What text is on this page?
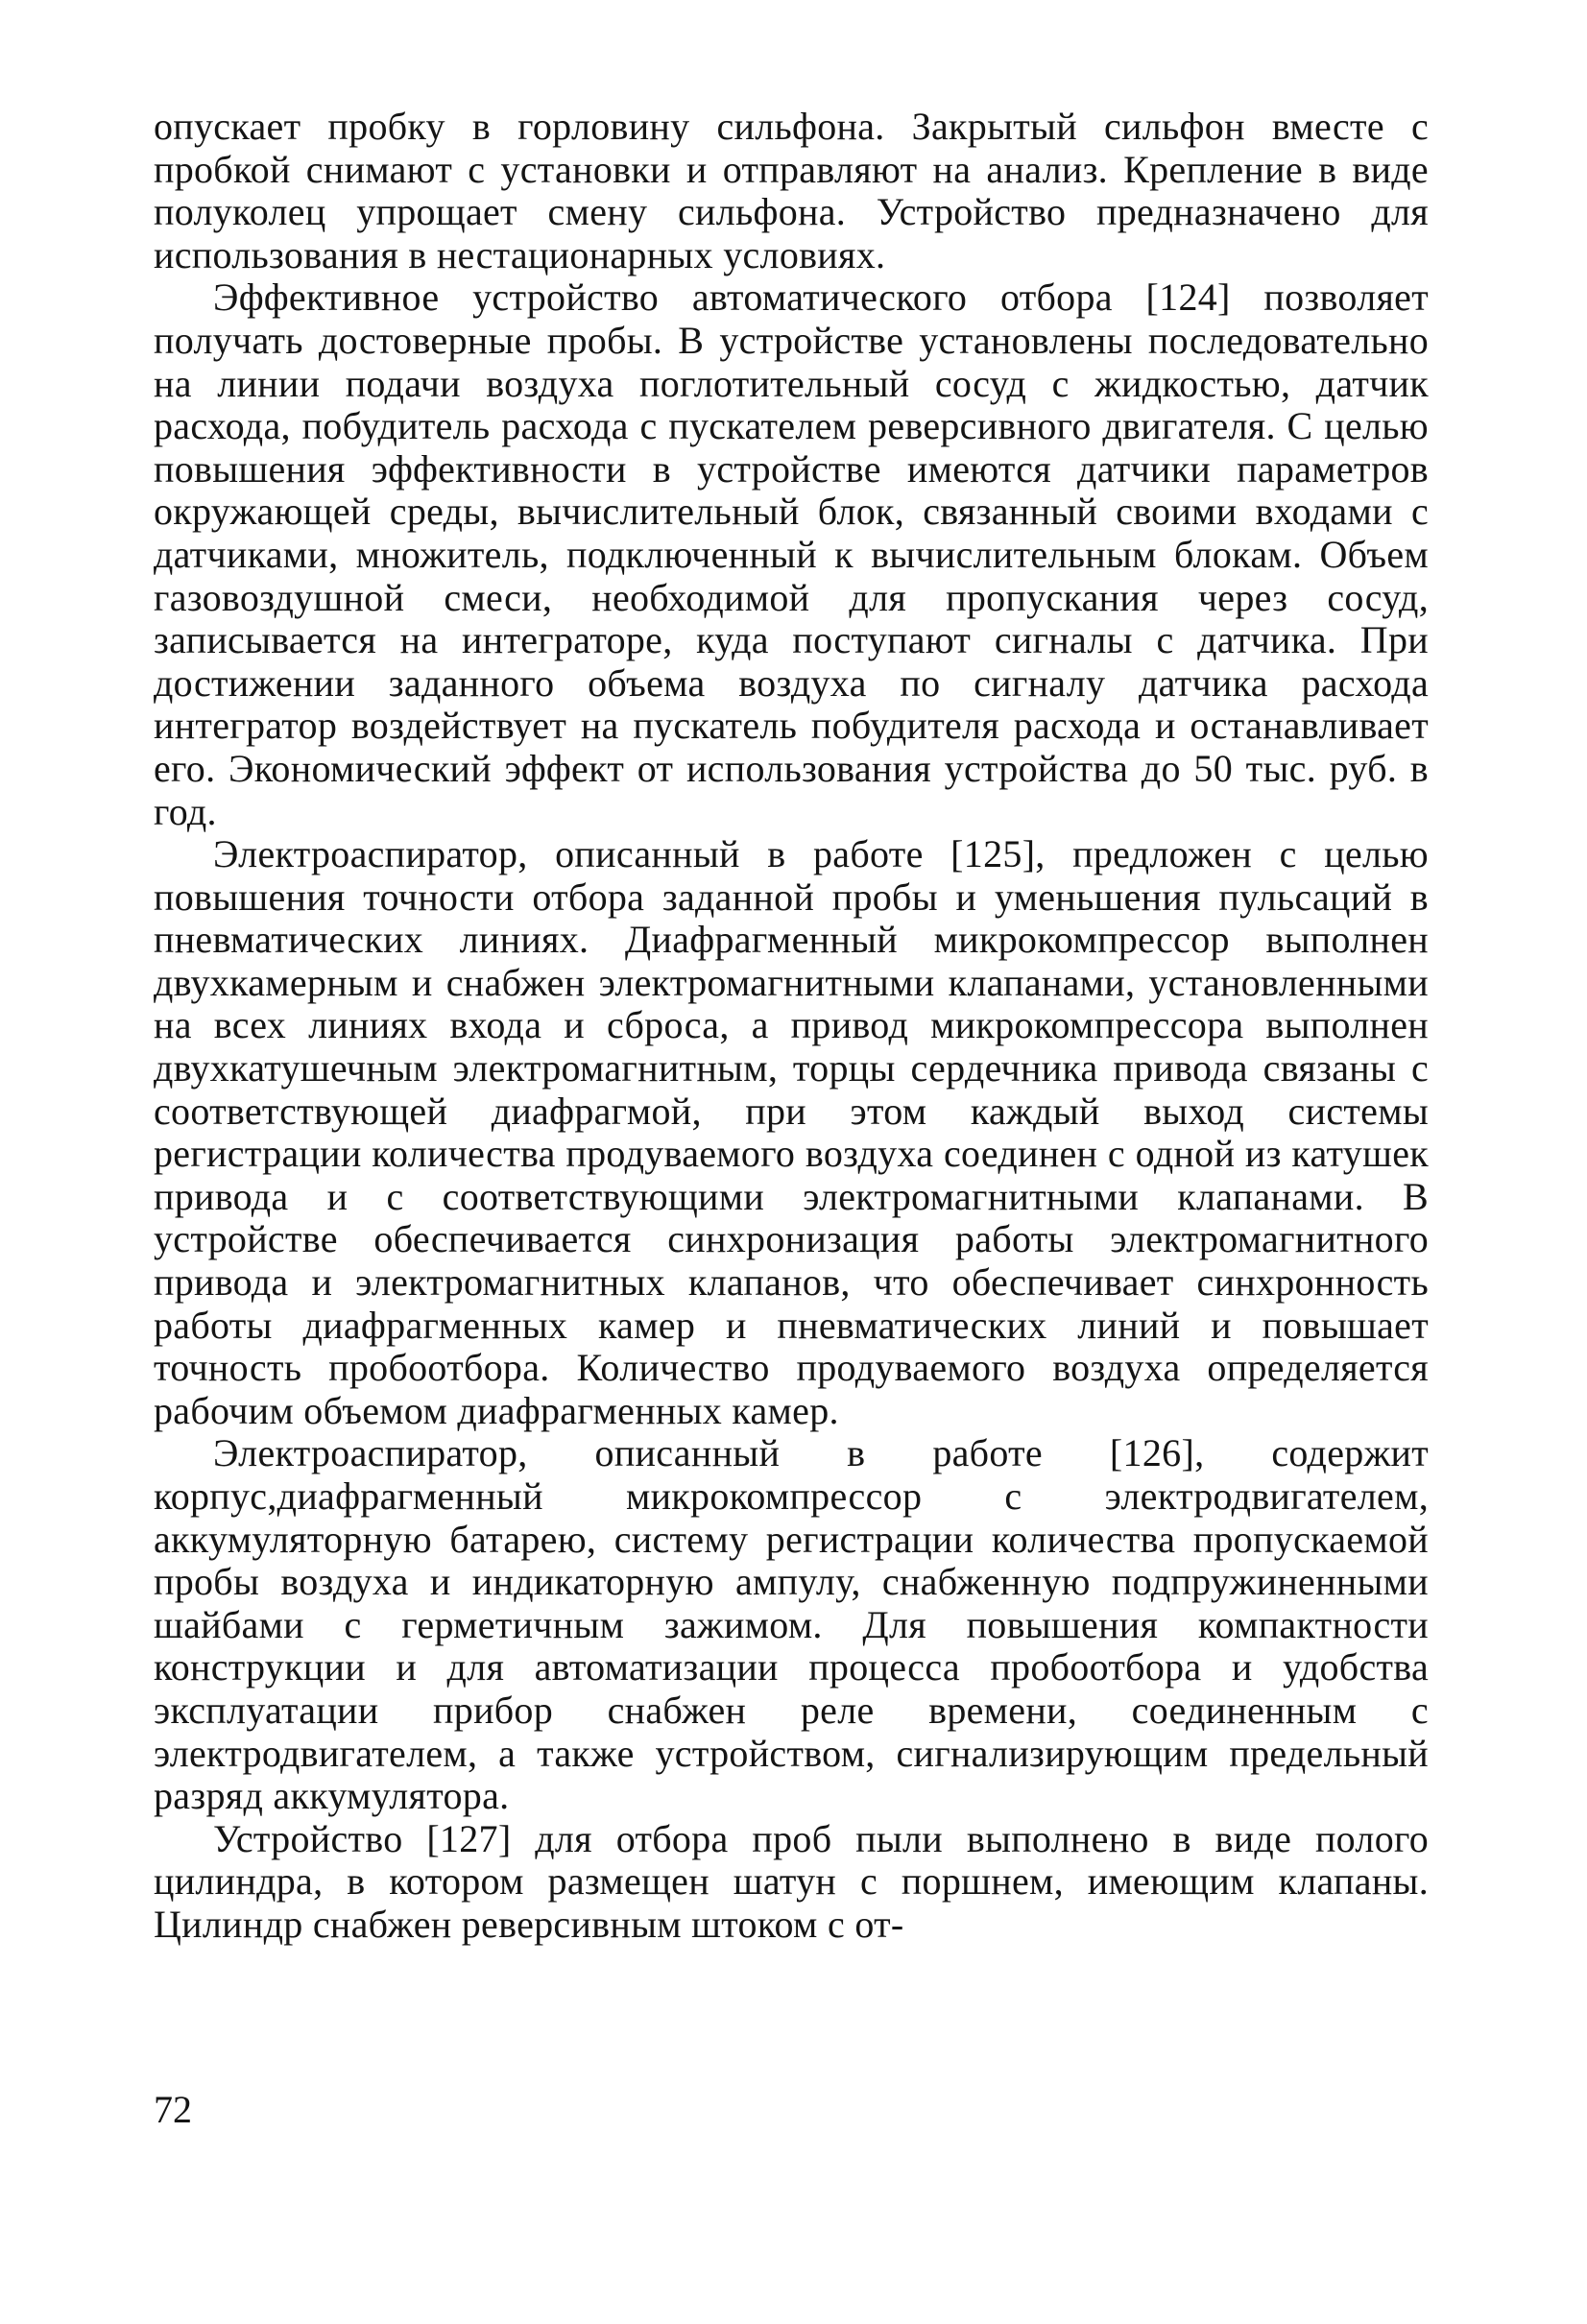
опускает пробку в горловину сильфона. Закрытый сильфон вместе с пробкой снимают с установки и отправляют на анализ. Крепление в виде полуколец упрощает смену сильфона. Устройство предназначено для использования в нестационарных условиях.

Эффективное устройство автоматического отбора [124] позволяет получать достоверные пробы. В устройстве установлены последовательно на линии подачи воздуха поглотительный сосуд с жидкостью, датчик расхода, побудитель расхода с пускателем реверсивного двигателя. С целью повышения эффективности в устройстве имеются датчики параметров окружающей среды, вычислительный блок, связанный своими входами с датчиками, множитель, подключенный к вычислительным блокам. Объем газовоздушной смеси, необходимой для пропускания через сосуд, записывается на интеграторе, куда поступают сигналы с датчика. При достижении заданного объема воздуха по сигналу датчика расхода интегратор воздействует на пускатель побудителя расхода и останавливает его. Экономический эффект от использования устройства до 50 тыс. руб. в год.

Электроаспиратор, описанный в работе [125], предложен с целью повышения точности отбора заданной пробы и уменьшения пульсаций в пневматических линиях. Диафрагменный микрокомпрессор выполнен двухкамерным и снабжен электромагнитными клапанами, установленными на всех линиях входа и сброса, а привод микрокомпрессора выполнен двухкатушечным электромагнитным, торцы сердечника привода связаны с соответствующей диафрагмой, при этом каждый выход системы регистрации количества продуваемого воздуха соединен с одной из катушек привода и с соответствующими электромагнитными клапанами. В устройстве обеспечивается синхронизация работы электромагнитного привода и электромагнитных клапанов, что обеспечивает синхронность работы диафрагменных камер и пневматических линий и повышает точность пробоотбора. Количество продуваемого воздуха определяется рабочим объемом диафрагменных камер.

Электроаспиратор, описанный в работе [126], содержит корпус,диафрагменный микрокомпрессор с электродвигателем, аккумуляторную батарею, систему регистрации количества пропускаемой пробы воздуха и индикаторную ампулу, снабженную подпружиненными шайбами с герметичным зажимом. Для повышения компактности конструкции и для автоматизации процесса пробоотбора и удобства эксплуатации прибор снабжен реле времени, соединенным с электродвигателем, а также устройством, сигнализирующим предельный разряд аккумулятора.

Устройство [127] для отбора проб пыли выполнено в виде полого цилиндра, в котором размещен шатун с поршнем, имеющим клапаны. Цилиндр снабжен реверсивным штоком с от-

72
